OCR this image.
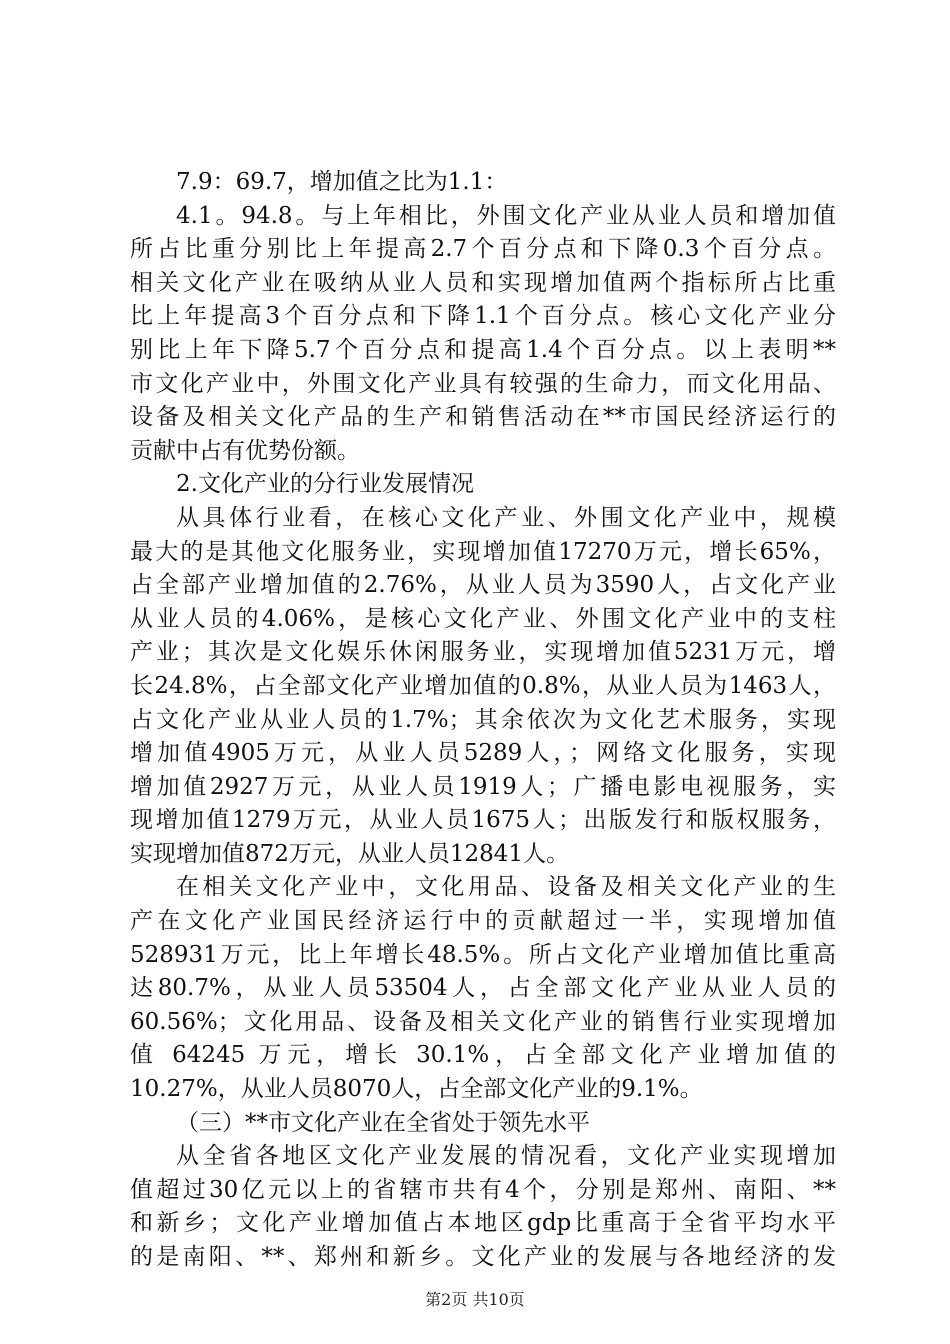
7.9：69.7，增加值之比为1.1：
4.1。94.8。与上年相比，外围文化产业从业人员和增加值
所占比重分别比上年提高2.7个百分点和下降0.3个百分点。
相关文化产业在吸纳从业人员和实现增加值两个指标所占比重
比上年提高3个百分点和下降1.1个百分点。核心文化产业分
别比上年下降5.7个百分点和提高1.4个百分点。以上表明**
市文化产业中，外围文化产业具有较强的生命力，而文化用品、
设备及相关文化产品的生产和销售活动在**市国民经济运行的
贡献中占有优势份额。
2.文化产业的分行业发展情况
从具体行业看，在核心文化产业、外围文化产业中，规模
最大的是其他文化服务业，实现增加值17270万元，增长65%，
占全部产业增加值的2.76%，从业人员为3590人，占文化产业
从业人员的4.06%，是核心文化产业、外围文化产业中的支柱
产业；其次是文化娱乐休闲服务业，实现增加值5231万元，增
长24.8%，占全部文化产业增加值的0.8%，从业人员为1463人，
占文化产业从业人员的1.7%；其余依次为文化艺术服务，实现
增加值4905万元，从业人员5289人，；网络文化服务，实现
增加值2927万元，从业人员1919人；广播电影电视服务，实
现增加值1279万元，从业人员1675人；出版发行和版权服务，
实现增加值872万元，从业人员12841人。
在相关文化产业中，文化用品、设备及相关文化产业的生
产在文化产业国民经济运行中的贡献超过一半，实现增加值
528931万元，比上年增长48.5%。所占文化产业增加值比重高
达80.7%，从业人员53504人，占全部文化产业从业人员的
60.56%；文化用品、设备及相关文化产业的销售行业实现增加
值 64245 万元，增长 30.1%，占全部文化产业增加值的
10.27%，从业人员8070人，占全部文化产业的9.1%。
（三）**市文化产业在全省处于领先水平
从全省各地区文化产业发展的情况看，文化产业实现增加
值超过30亿元以上的省辖市共有4个，分别是郑州、南阳、**
和新乡；文化产业增加值占本地区gdp比重高于全省平均水平
的是南阳、**、郑州和新乡。文化产业的发展与各地经济的发
第2页 共10页
